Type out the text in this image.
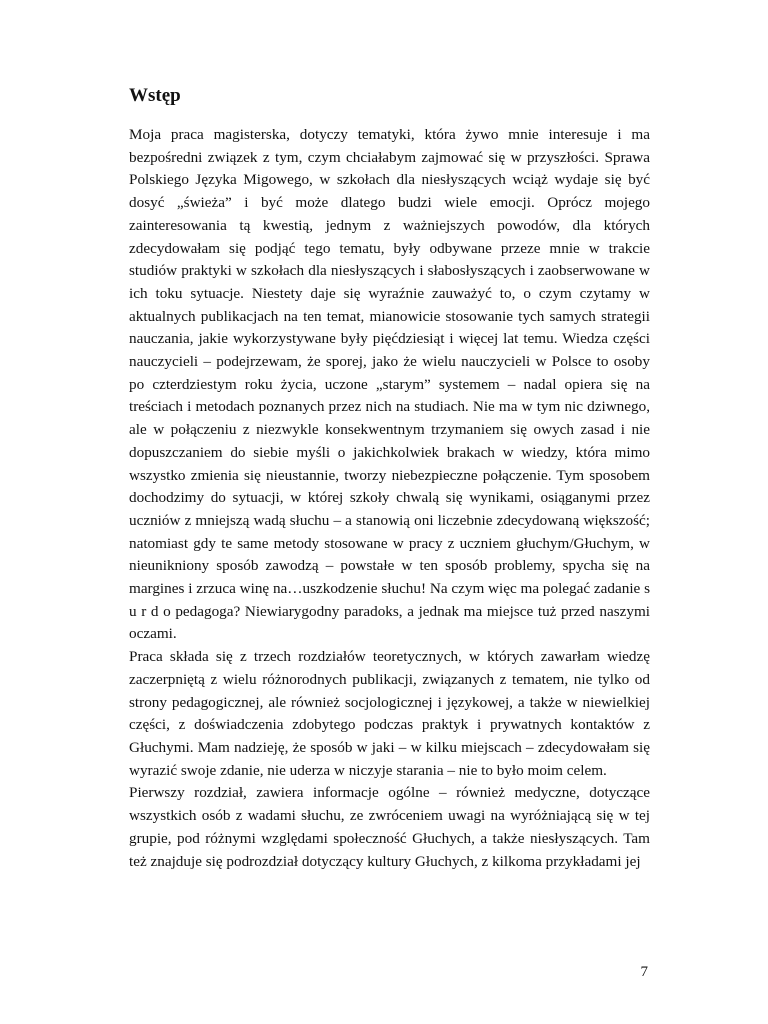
Wstęp

Moja praca magisterska, dotyczy tematyki, która żywo mnie interesuje i ma bezpośredni związek z tym, czym chciałabym zajmować się w przyszłości. Sprawa Polskiego Języka Migowego, w szkołach dla niesłyszących wciąż wydaje się być dosyć „świeża” i być może dlatego budzi wiele emocji. Oprócz mojego zainteresowania tą kwestią, jednym z ważniejszych powodów, dla których zdecydowałam się podjąć tego tematu, były odbywane przeze mnie w trakcie studiów praktyki w szkołach dla niesłyszących i słabosłyszących i zaobserwowane w ich toku sytuacje. Niestety daje się wyraźnie zauważyć to, o czym czytamy w aktualnych publikacjach na ten temat, mianowicie stosowanie tych samych strategii nauczania, jakie wykorzystywane były pięćdziesiąt i więcej lat temu. Wiedza części nauczycieli – podejrzewam, że sporej, jako że wielu nauczycieli w Polsce to osoby po czterdziestym roku życia, uczone „starym” systemem – nadal opiera się na treściach i metodach poznanych przez nich na studiach. Nie ma w tym nic dziwnego, ale w połączeniu z niezwykle konsekwentnym trzymaniem się owych zasad i nie dopuszczaniem do siebie myśli o jakichkolwiek brakach w wiedzy, która mimo wszystko zmienia się nieustannie, tworzy niebezpieczne połączenie. Tym sposobem dochodzimy do sytuacji, w której szkoły chwalą się wynikami, osiąganymi przez uczniów z mniejszą wadą słuchu – a stanowią oni liczebnie zdecydowaną większość; natomiast gdy te same metody stosowane w pracy z uczniem głuchym/Głuchym, w nieunikniony sposób zawodzą – powstałe w ten sposób problemy, spycha się na margines i zrzuca winę na…uszkodzenie słuchu! Na czym więc ma polegać zadanie s u r d o pedagoga? Niewiarygodny paradoks, a jednak ma miejsce tuż przed naszymi oczami.

Praca składa się z trzech rozdziałów teoretycznych, w których zawarłam wiedzę zaczerpniętą z wielu różnorodnych publikacji, związanych z tematem, nie tylko od strony pedagogicznej, ale również socjologicznej i językowej, a także w niewielkiej części, z doświadczenia zdobytego podczas praktyk i prywatnych kontaktów z Głuchymi. Mam nadzieję, że sposób w jaki – w kilku miejscach – zdecydowałam się wyrazić swoje zdanie, nie uderza w niczyje starania – nie to było moim celem.

Pierwszy rozdział, zawiera informacje ogólne – również medyczne, dotyczące wszystkich osób z wadami słuchu, ze zwróceniem uwagi na wyróżniającą się w tej grupie, pod różnymi względami społeczność Głuchych, a także niesłyszących. Tam też znajduje się podrozdział dotyczący kultury Głuchych, z kilkoma przykładami jej

7
